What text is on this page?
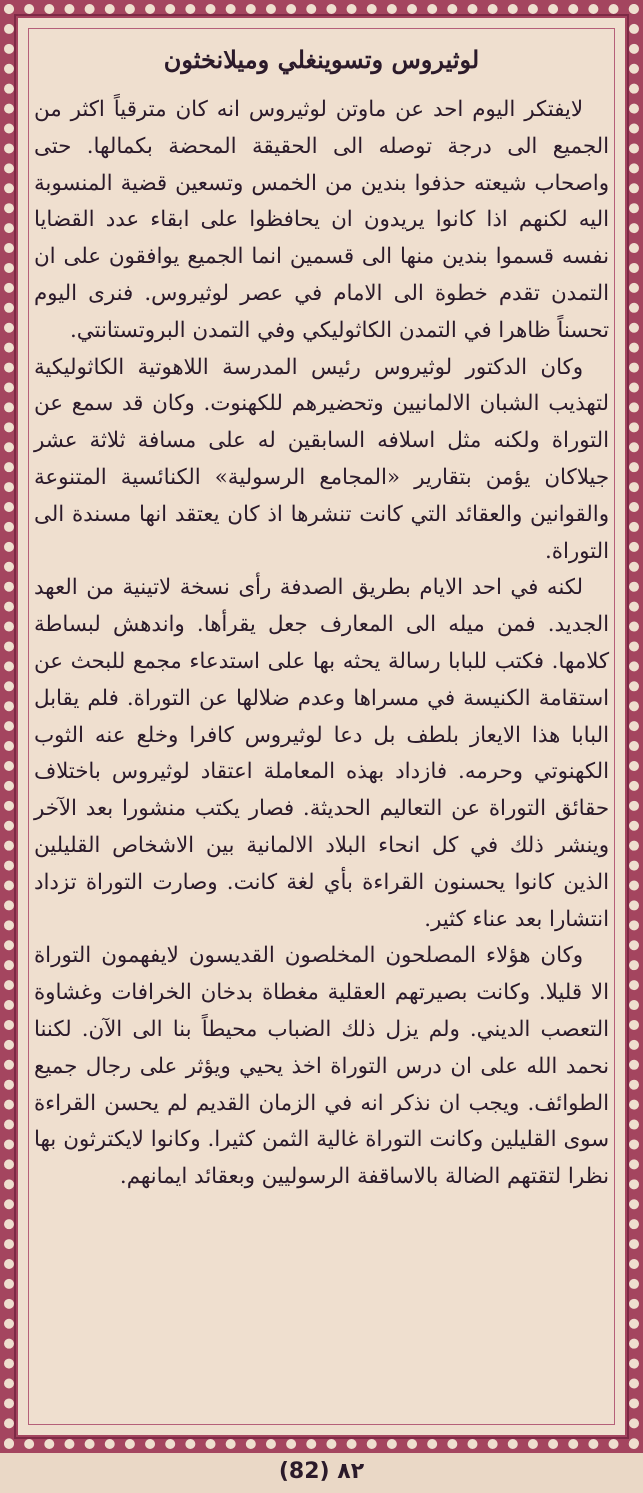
لوثيروس وتسوينغلي وميلانخثون

لايفتكر اليوم احد عن ماوتن لوثيروس انه كان مترقياً اكثر من الجميع الى درجة توصله الى الحقيقة المحضة بكمالها. حتى واصحاب شيعته حذفوا بندين من الخمس وتسعين قضية المنسوبة اليه لكنهم اذا كانوا يريدون ان يحافظوا على ابقاء عدد القضايا نفسه قسموا بندين منها الى قسمين انما الجميع يوافقون على ان التمدن تقدم خطوة الى الامام في عصر لوثيروس. فنرى اليوم تحسناً ظاهرا في التمدن الكاثوليكي وفي التمدن البروتستانتي.

وكان الدكتور لوثيروس رئيس المدرسة اللاهوتية الكاثوليكية لتهذيب الشبان الالمانيين وتحضيرهم للكهنوت. وكان قد سمع عن التوراة ولكنه مثل اسلافه السابقين له على مسافة ثلاثة عشر جيلاكان يؤمن بتقارير «المجامع الرسولية» الكنائسية المتنوعة والقوانين والعقائد التي كانت تنشرها اذ كان يعتقد انها مسندة الى التوراة.

لكنه في احد الايام بطريق الصدفة رأى نسخة لاتينية من العهد الجديد. فمن ميله الى المعارف جعل يقرأها. واندهش لبساطة كلامها. فكتب للبابا رسالة يحثه بها على استدعاء مجمع للبحث عن استقامة الكنيسة في مسراها وعدم ضلالها عن التوراة. فلم يقابل البابا هذا الايعاز بلطف بل دعا لوثيروس كافرا وخلع عنه الثوب الكهنوتي وحرمه. فازداد بهذه المعاملة اعتقاد لوثيروس باختلاف حقائق التوراة عن التعاليم الحديثة. فصار يكتب منشورا بعد الآخر وينشر ذلك في كل انحاء البلاد الالمانية بين الاشخاص القليلين الذين كانوا يحسنون القراءة بأي لغة كانت. وصارت التوراة تزداد انتشارا بعد عناء كثير.

وكان هؤلاء المصلحون المخلصون القديسون لايفهمون التوراة الا قليلا. وكانت بصيرتهم العقلية مغطاة بدخان الخرافات وغشاوة التعصب الديني. ولم يزل ذلك الضباب محيطاً بنا الى الآن. لكننا نحمد الله على ان درس التوراة اخذ يحيي ويؤثر على رجال جميع الطوائف. ويجب ان نذكر انه في الزمان القديم لم يحسن القراءة سوى القليلين وكانت التوراة غالية الثمن كثيرا. وكانوا لايكترثون بها نظرا لتقتهم الضالة بالاساقفة الرسوليين وبعقائد ايمانهم.

(82) ٨٢
